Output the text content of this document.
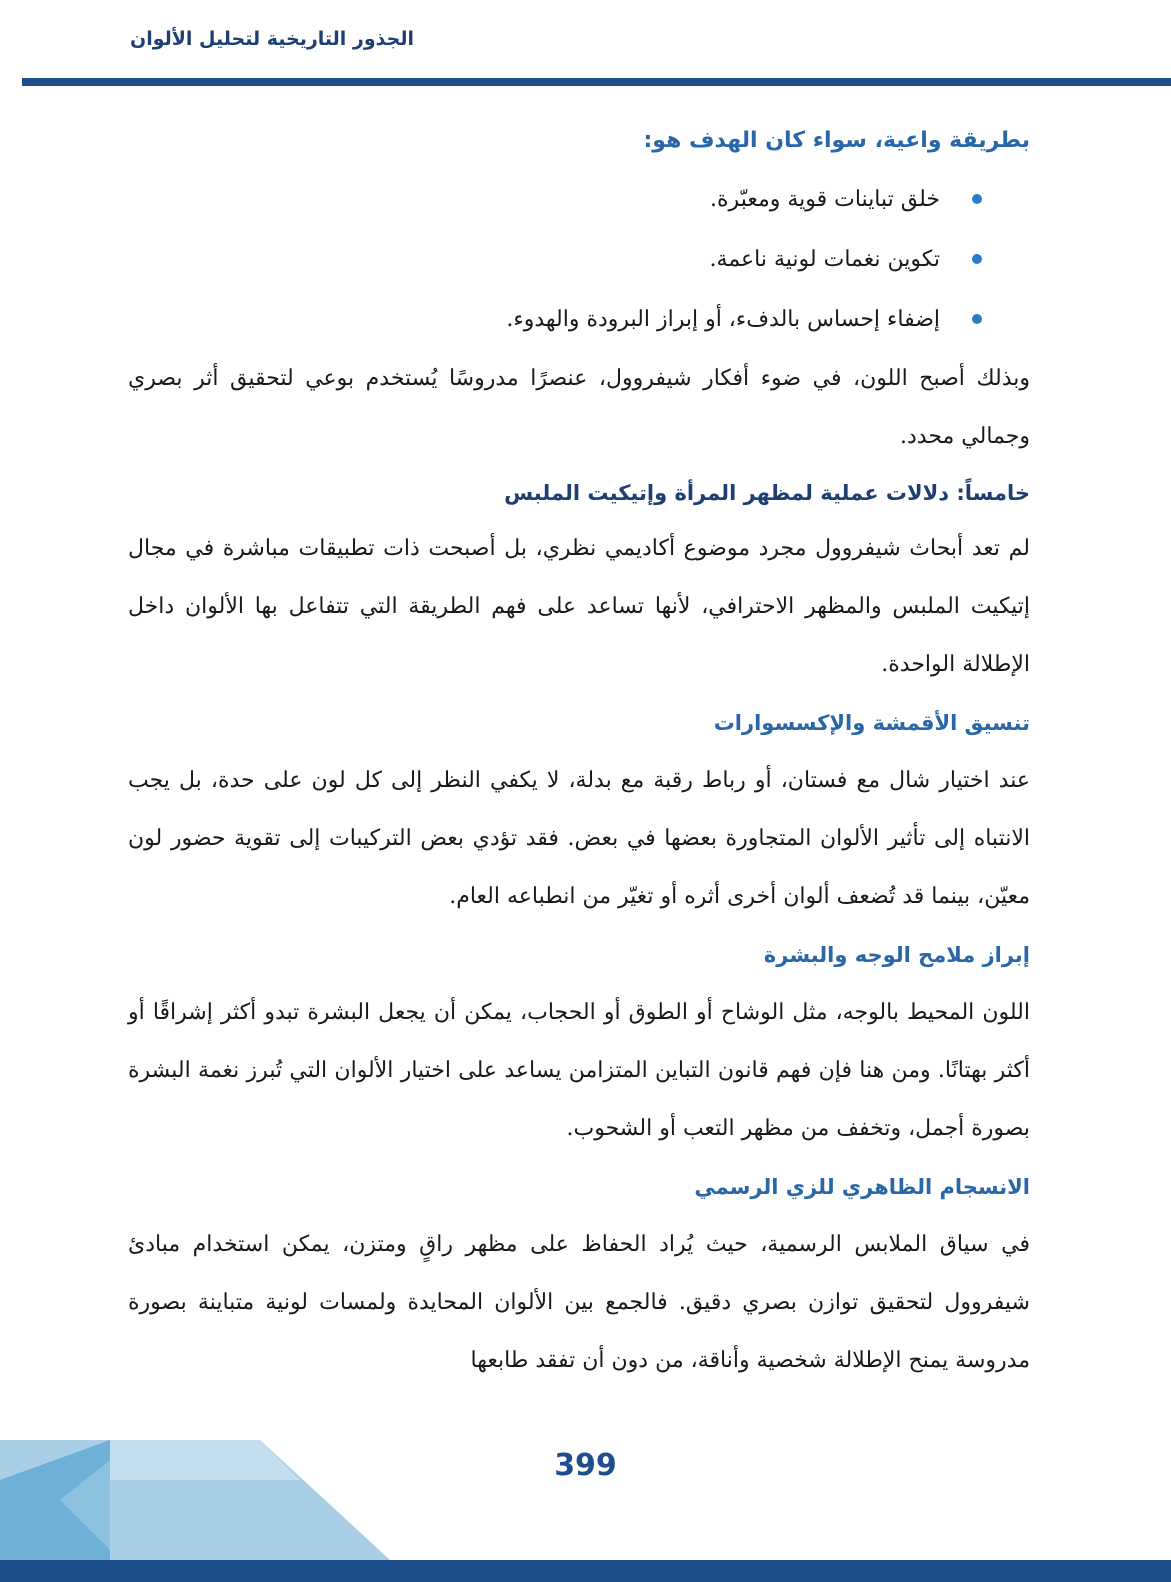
الجذور التاريخية لتحليل الألوان

بطريقة واعية، سواء كان الهدف هو:

خلق تباينات قوية ومعبّرة.
تكوين نغمات لونية ناعمة.
إضفاء إحساس بالدفء، أو إبراز البرودة والهدوء.

وبذلك أصبح اللون، في ضوء أفكار شيفروول، عنصرًا مدروسًا يُستخدم بوعي لتحقيق أثر بصري وجمالي محدد.

خامساً: دلالات عملية لمظهر المرأة وإتيكيت الملبس

لم تعد أبحاث شيفروول مجرد موضوع أكاديمي نظري، بل أصبحت ذات تطبيقات مباشرة في مجال إتيكيت الملبس والمظهر الاحترافي، لأنها تساعد على فهم الطريقة التي تتفاعل بها الألوان داخل الإطلالة الواحدة.

تنسيق الأقمشة والإكسسوارات

عند اختيار شال مع فستان، أو رباط رقبة مع بدلة، لا يكفي النظر إلى كل لون على حدة، بل يجب الانتباه إلى تأثير الألوان المتجاورة بعضها في بعض. فقد تؤدي بعض التركيبات إلى تقوية حضور لون معيّن، بينما قد تُضعف ألوان أخرى أثره أو تغيّر من انطباعه العام.

إبراز ملامح الوجه والبشرة

اللون المحيط بالوجه، مثل الوشاح أو الطوق أو الحجاب، يمكن أن يجعل البشرة تبدو أكثر إشراقًا أو أكثر بهتانًا. ومن هنا فإن فهم قانون التباين المتزامن يساعد على اختيار الألوان التي تُبرز نغمة البشرة بصورة أجمل، وتخفف من مظهر التعب أو الشحوب.

الانسجام الظاهري للزي الرسمي

في سياق الملابس الرسمية، حيث يُراد الحفاظ على مظهر راقٍ ومتزن، يمكن استخدام مبادئ شيفروول لتحقيق توازن بصري دقيق. فالجمع بين الألوان المحايدة ولمسات لونية متباينة بصورة مدروسة يمنح الإطلالة شخصية وأناقة، من دون أن تفقد طابعها

399
